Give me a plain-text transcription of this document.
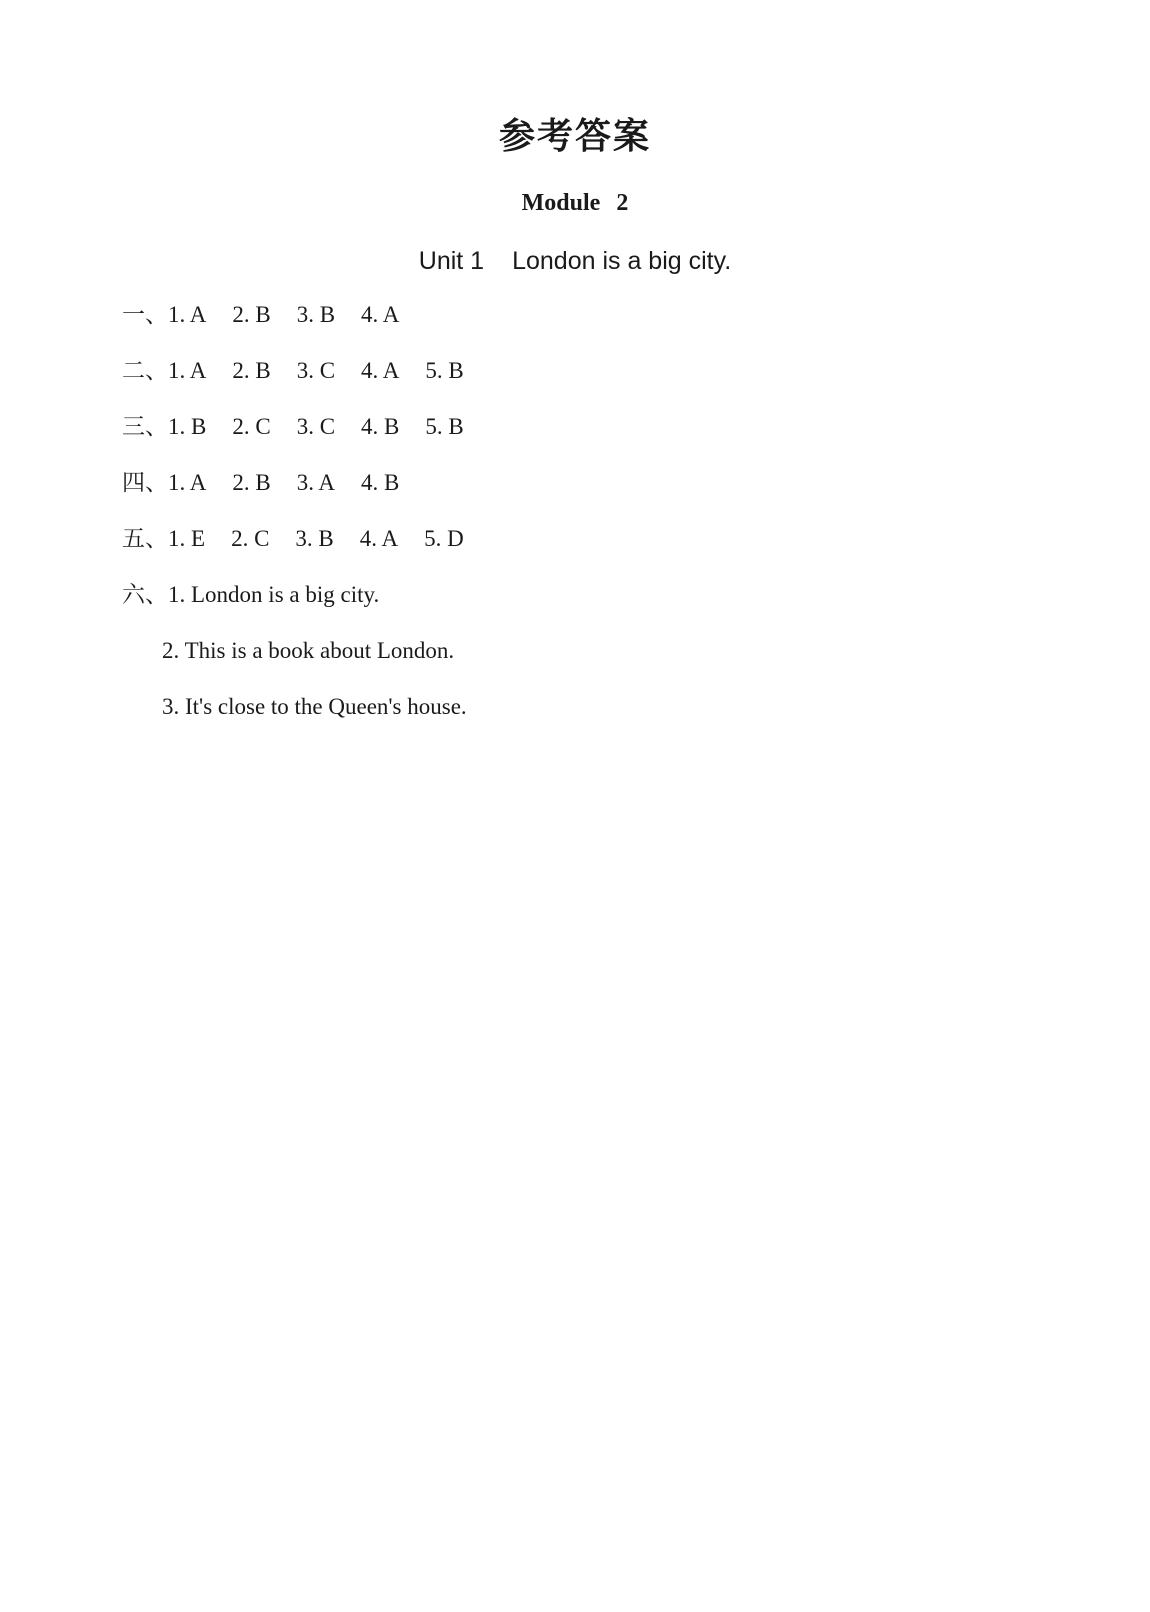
参考答案
Module 2
Unit 1 London is a big city.
一、1. A 2. B 3. B 4. A
二、1. A 2. B 3. C 4. A 5. B
三、1. B 2. C 3. C 4. B 5. B
四、1. A 2. B 3. A 4. B
五、1. E 2. C 3. B 4. A 5. D
六、1. London is a big city.
2. This is a book about London.
3. It's close to the Queen's house.
